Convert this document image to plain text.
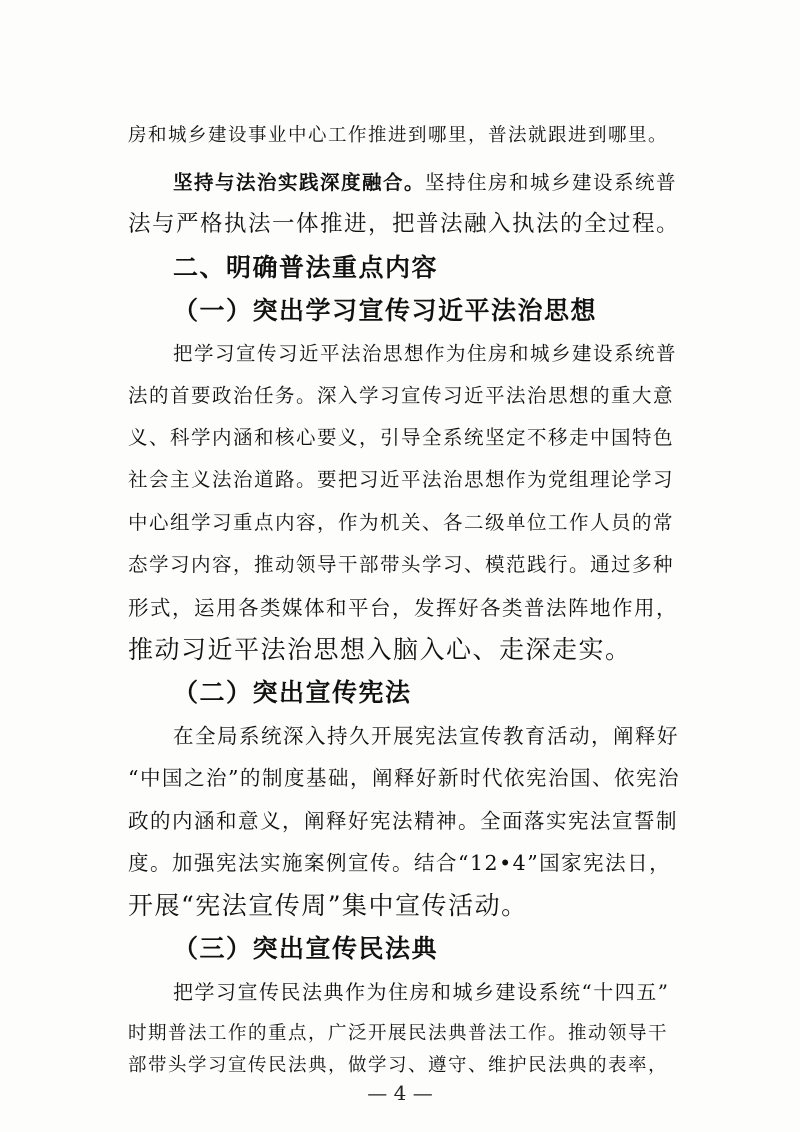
房和城乡建设事业中心工作推进到哪里，普法就跟进到哪里。
坚持与法治实践深度融合。坚持住房和城乡建设系统普
法与严格执法一体推进，把普法融入执法的全过程。
二、明确普法重点内容
（一）突出学习宣传习近平法治思想
把学习宣传习近平法治思想作为住房和城乡建设系统普
法的首要政治任务。深入学习宣传习近平法治思想的重大意
义、科学内涵和核心要义，引导全系统坚定不移走中国特色
社会主义法治道路。要把习近平法治思想作为党组理论学习
中心组学习重点内容，作为机关、各二级单位工作人员的常
态学习内容，推动领导干部带头学习、模范践行。通过多种
形式，运用各类媒体和平台，发挥好各类普法阵地作用，
推动习近平法治思想入脑入心、走深走实。
（二）突出宣传宪法
在全局系统深入持久开展宪法宣传教育活动，阐释好
“中国之治”的制度基础，阐释好新时代依宪治国、依宪治
政的内涵和意义，阐释好宪法精神。全面落实宪法宣誓制
度。加强宪法实施案例宣传。结合“12•4”国家宪法日，
开展“宪法宣传周”集中宣传活动。
（三）突出宣传民法典
把学习宣传民法典作为住房和城乡建设系统“十四五”
时期普法工作的重点，广泛开展民法典普法工作。推动领导干
部带头学习宣传民法典，做学习、遵守、维护民法典的表率，
— 4 —
